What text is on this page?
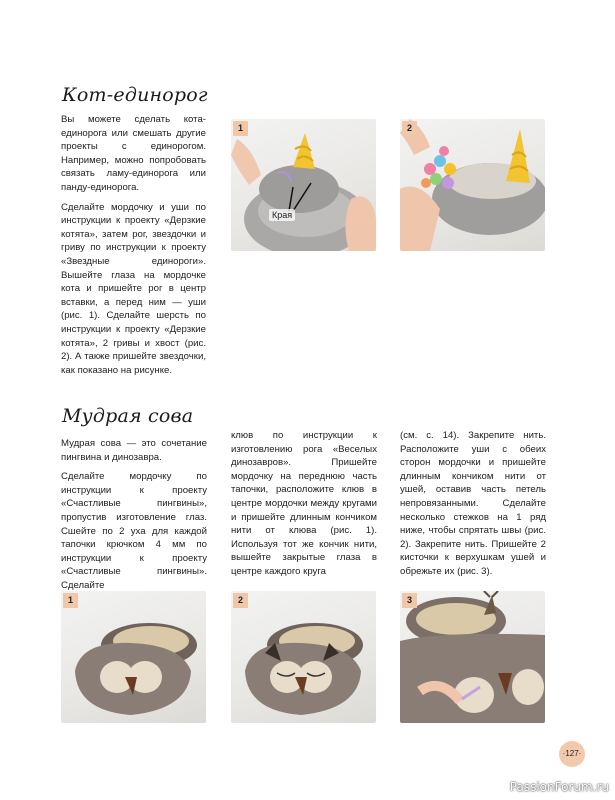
Кот-единорог

Вы можете сделать кота-единорога или смешать другие проекты с единорогом. Например, можно попробовать связать ламу-единорога или панду-единорога.

Сделайте мордочку и уши по инструкции к проекту «Дерзкие котята», затем рог, звездочки и гриву по инструкции к проекту «Звездные единороги». Вышейте глаза на мордочке кота и пришейте рог в центр вставки, а перед ним — уши (рис. 1). Сделайте шерсть по инструкции к проекту «Дерзкие котята», 2 гривы и хвост (рис. 2). А также пришейте звездочки, как показано на рисунке.

1
Края
2
Мудрая сова

Мудрая сова — это сочетание пингвина и динозавра.

Сделайте мордочку по инструкции к проекту «Счастливые пингвины», пропустив изготовление глаз. Сшейте по 2 уха для каждой тапочки крючком 4 мм по инструкции к проекту «Счастливые пингвины». Сделайте

клюв по инструкции к изготовлению рога «Веселых динозавров». Пришейте мордочку на переднюю часть тапочки, расположите клюв в центре мордочки между кругами и пришейте длинным кончиком нити от клюва (рис. 1). Используя тот же кончик нити, вышейте закрытые глаза в центре каждого круга

(см. с. 14). Закрепите нить. Расположите уши с обеих сторон мордочки и пришейте длинным кончиком нити от ушей, оставив часть петель непровязанными. Сделайте несколько стежков на 1 ряд ниже, чтобы спрятать швы (рис. 2). Закрепите нить. Пришейте 2 кисточки к верхушкам ушей и обрежьте их (рис. 3).

1	2	3
·127·
PassionForum.ru
